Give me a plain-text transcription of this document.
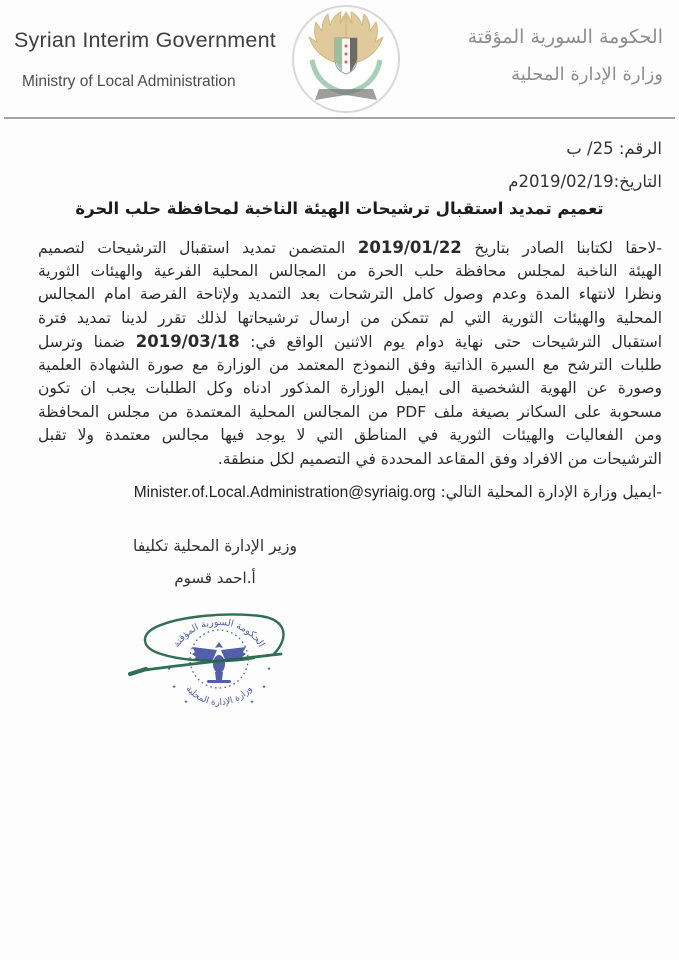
Syrian Interim Government
Ministry of Local Administration
الحكومة السورية المؤقتة
وزارة الإدارة المحلية
الرقم: 25/ ب
التاريخ:2019/02/19م
تعميم تمديد استقبال ترشيحات الهيئة الناخبة لمحافظة حلب الحرة
-لاحقا لكتابنا الصادر بتاريخ 2019/01/22 المتضمن تمديد استقبال الترشيحات لتصميم
الهيئة الناخبة لمجلس محافظة حلب الحرة من المجالس المحلية الفرعية والهيئات الثورية
ونظرا لانتهاء المدة وعدم وصول كامل الترشحات بعد التمديد ولإتاحة الفرصة امام المجالس
المحلية والهيئات الثورية التي لم تتمكن من ارسال ترشيحاتها لذلك تقرر لدينا تمديد فترة
استقبال الترشيحات حتى نهاية دوام يوم الاثنين الواقع في: 2019/03/18 ضمنا وترسل
طلبات الترشح مع السيرة الذاتية وفق النموذج المعتمد من الوزارة مع صورة الشهادة العلمية
وصورة عن الهوية الشخصية الى ايميل الوزارة المذكور ادناه وكل الطلبات يجب ان تكون
مسحوبة على السكانر بصيغة ملف PDF من المجالس المحلية المعتمدة من مجلس المحافظة
ومن الفعاليات والهيئات الثورية في المناطق التي لا يوجد فيها مجالس معتمدة ولا تقبل
الترشيحات من الافراد وفق المقاعد المحددة في التصميم لكل منطقة.
-ايميل وزارة الإدارة المحلية التالي: Minister.of.Local.Administration@syriaig.org
وزير الإدارة المحلية تكليفا
أ.احمد قسوم
الحكومة السورية المؤقتة
وزارة الإدارة المحلية
٭	٭
٭	٭
٭	٭
